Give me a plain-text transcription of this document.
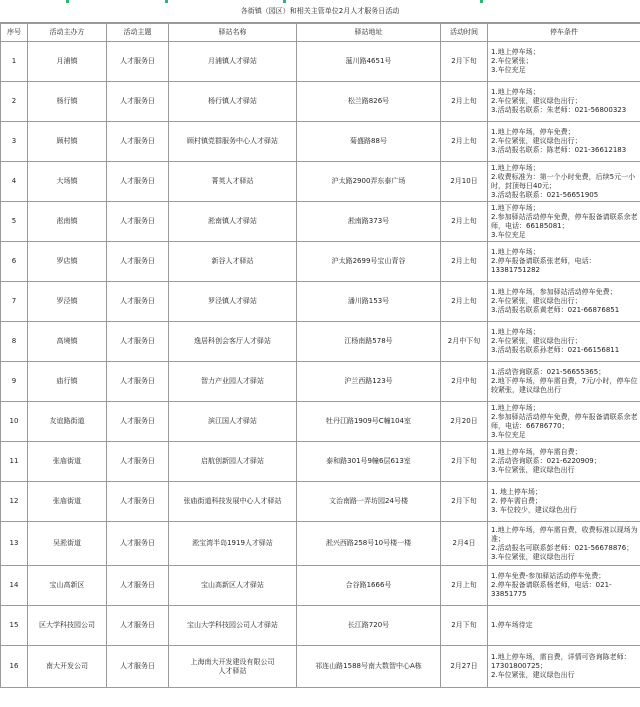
各街镇（园区）和相关主管单位2月人才服务日活动
序号	活动主办方	活动主题	驿站名称	驿站地址	活动时间	停车条件
1	月浦镇	人才服务日	月浦镇人才驿站	蕰川路4651号	2月下旬	1.地上停车场；
2.车位紧张；
3.车位充足
2	杨行镇	人才服务日	杨行镇人才驿站	松兰路826号	2月上旬	1.地上停车场；
2.车位紧张，建议绿色出行；
3.活动报名联系：朱老师：021-56800323
3	顾村镇	人才服务日	顾村镇党群服务中心人才驿站	菊盛路88号	2月上旬	1.地上停车场，停车免费；
2.车位紧张，建议绿色出行；
3.活动报名联系：陈老师：021-36612183
4	大场镇	人才服务日	菁英人才驿站	沪太路2900弄东泰广场	2月10日	1.地上停车场；
2.收费标准为：第一个小时免费，后续5元一小时，封顶每日40元；
3.活动报名联系：021-56651905
5	淞南镇	人才服务日	淞南镇人才驿站	淞南路373号	2月上旬	1.地下停车场；
2.参加驿站活动停车免费，停车报备请联系余老师，电话：66185081；
3.车位充足
6	罗店镇	人才服务日	新谷人才驿站	沪太路2699号宝山青谷	2月上旬	1.地上停车场；
2.停车报备请联系张老师，电话：13381751282
7	罗泾镇	人才服务日	罗泾镇人才驿站	潘川路153号	2月上旬	1.地上停车场，参加驿站活动停车免费；
2.车位紧张，建议绿色出行；
3.活动报名联系黄老师：021-66876851
8	高境镇	人才服务日	逸居科创会客厅人才驿站	江杨南路578号	2月中下旬	1.地上停车场；
2.车位紧张，建议绿色出行；
3.活动报名联系孙老师：021-66156811
9	庙行镇	人才服务日	智力产业园人才驿站	沪兰西路123号	2月中旬	1.活动咨询联系：021-56655365；
2.地下停车场，停车需自费，7元/小时，停车位较紧张，建议绿色出行
10	友谊路街道	人才服务日	滨江国人才驿站	牡丹江路1909号C幢104室	2月20日	1.地上停车场；
2.参加驿站活动停车免费，停车报备请联系余老师，电话：66786770；
3.车位充足
11	张庙街道	人才服务日	启航创新园人才驿站	泰和路301号9幢6层613室	2月下旬	1.地上停车场，停车需自费；
2.活动咨询联系：021-6220909；
3.车位紧张，建议绿色出行
12	张庙街道	人才服务日	张庙街道科技发展中心人才驿站	文治南路一弄坊园24号楼	2月下旬	1. 地上停车场；
2. 停车需自费；
3. 车位较少，建议绿色出行
13	吴淞街道	人才服务日	淞宝湾半岛1919人才驿站	淞兴西路258号10号楼一楼	2月4日	1.地上停车场，停车需自费，收费标准以现场为准；
2.活动报名可联系彭老师：021-56678876；
3.车位紧张，建议绿色出行
14	宝山高新区	人才服务日	宝山高新区人才驿站	合谷路1666号	2月上旬	1.停车免费-参加驿站活动停车免费；
2.停车报备请联系杨老师，电话：021-33851775
15	区大学科技园公司	人才服务日	宝山大学科技园公司人才驿站	长江路720号	2月下旬	1.停车场待定
16	南大开发公司	人才服务日	上海南大开发建设有限公司
人才驿站	祁连山路1588号南大数智中心A栋	2月27日	1.地上停车场，需自费，详情可咨询陈老师：17301800725；
2.车位紧张，建议绿色出行
